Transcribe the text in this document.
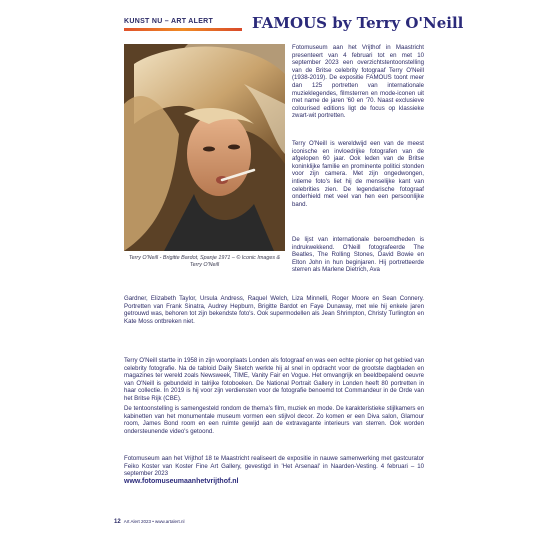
KUNST NU – ART ALERT	FAMOUS by Terry O'Neill
Terry O'Neill - Brigitte Bardot, Spanje 1971 – © Iconic Images & Terry O'Neill

Fotomuseum aan het Vrijthof in Maastricht presenteert van 4 februari tot en met 10 september 2023 een overzichtstentoonstelling van de Britse celebrity fotograaf Terry O'Neill (1938-2019). De expositie FAMOUS toont meer dan 125 portretten van internationale muzieklegendes, filmsterren en mode-iconen uit met name de jaren '60 en '70. Naast exclusieve colourised editions ligt de focus op klassieke zwart-wit portretten.

Terry O'Neill is wereldwijd een van de meest iconische en invloedrijke fotografen van de afgelopen 60 jaar. Ook leden van de Britse koninklijke familie en prominente politici stonden voor zijn camera. Met zijn ongedwongen, intieme foto's liet hij de menselijke kant van celebrities zien. De legendarische fotograaf onderhield met veel van hen een persoonlijke band.

De lijst van internationale beroemdheden is indrukwekkend. O'Neill fotografeerde The Beatles, The Rolling Stones, David Bowie en Elton John in hun beginjaren. Hij portretteerde sterren als Marlene Dietrich, Ava

Gardner, Elizabeth Taylor, Ursula Andress, Raquel Welch, Liza Minnelli, Roger Moore en Sean Connery. Portretten van Frank Sinatra, Audrey Hepburn, Brigitte Bardot en Faye Dunaway, met wie hij enkele jaren getrouwd was, behoren tot zijn bekendste foto's. Ook supermodellen als Jean Shrimpton, Christy Turlington en Kate Moss ontbreken niet.

Terry O'Neill startte in 1958 in zijn woonplaats Londen als fotograaf en was een echte pionier op het gebied van celebrity fotografie. Na de tabloid Daily Sketch werkte hij al snel in opdracht voor de grootste dagbladen en magazines ter wereld zoals Newsweek, TIME, Vanity Fair en Vogue. Het omvangrijk en beeldbepalend oeuvre van O'Neill is gebundeld in talrijke fotoboeken. De National Portrait Gallery in Londen heeft 80 portretten in haar collectie. In 2019 is hij voor zijn verdiensten voor de fotografie benoemd tot Commandeur in de Orde van het Britse Rijk (CBE).

De tentoonstelling is samengesteld rondom de thema's film, muziek en mode. De karakteristieke stijlkamers en kabinetten van het monumentale museum vormen een stijlvol decor. Zo komen er een Diva salon, Glamour room, James Bond room en een ruimte gewijd aan de extravagante interieurs van sterren. Ook worden ondersteunende video's getoond.

Fotomuseum aan het Vrijthof 18 te Maastricht realiseert de expositie in nauwe samenwerking met gastcurator Feiko Koster van Koster Fine Art Gallery, gevestigd in 'Het Arsenaal' in Naarden-Vesting. 4 februari – 10 september 2023

www.fotomuseumaanhetvrijthof.nl
12 Art Alert 2023 • www.artalert.nl
